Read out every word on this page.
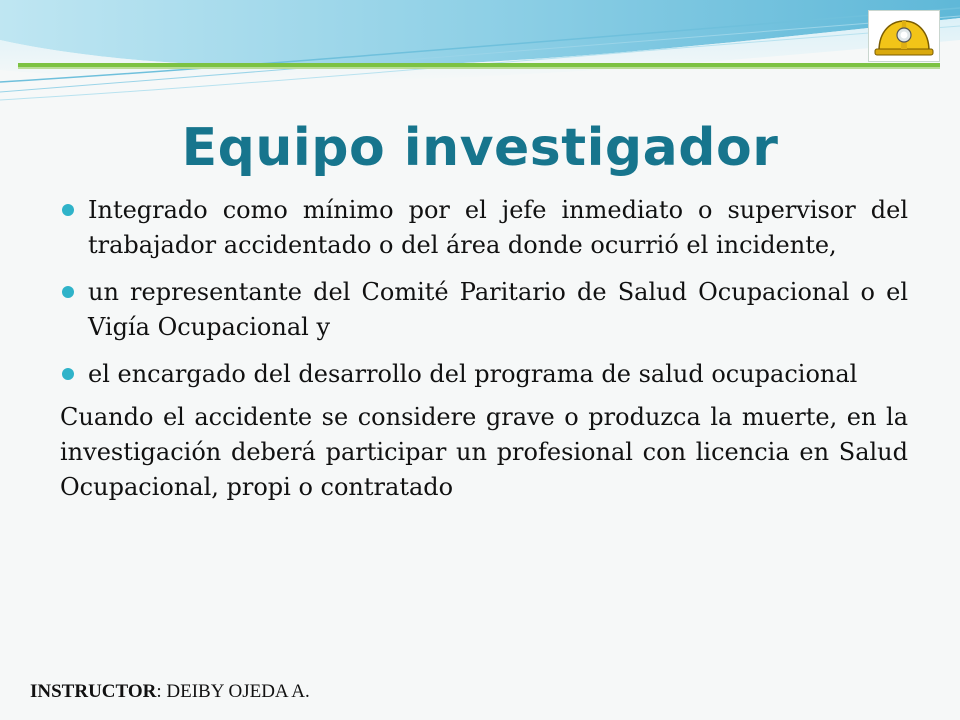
Equipo investigador
Integrado como mínimo por el jefe inmediato o supervisor del trabajador accidentado o del área donde ocurrió el incidente,
un representante del Comité Paritario de Salud Ocupacional o el Vigía Ocupacional y
el encargado del desarrollo del programa de salud ocupacional

Cuando el accidente se considere grave o produzca la muerte, en la investigación deberá participar un profesional con licencia en Salud Ocupacional, propi o contratado

INSTRUCTOR: DEIBY OJEDA A.
